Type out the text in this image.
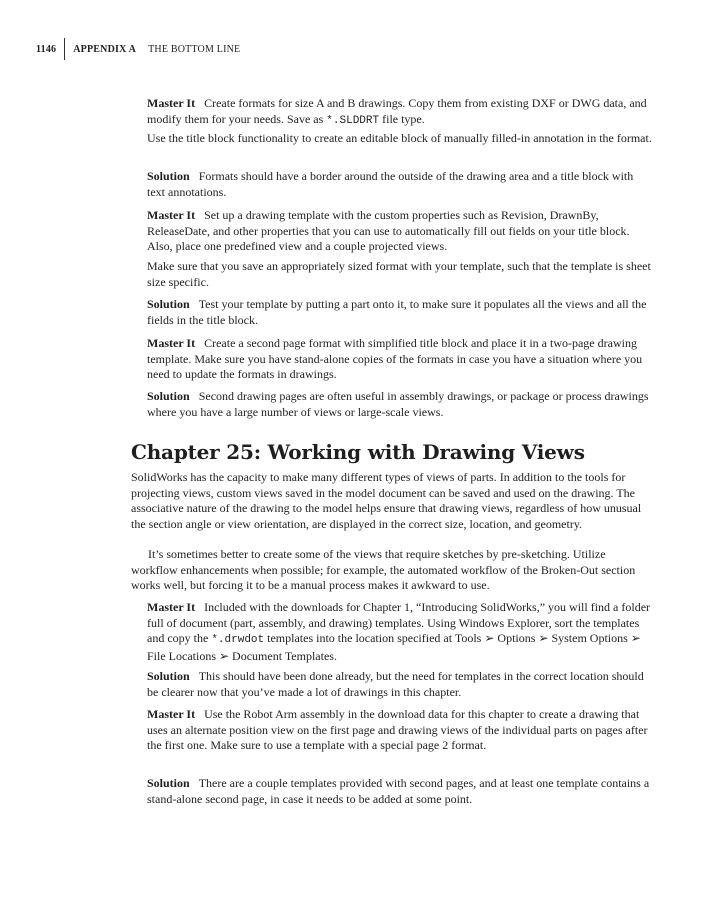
1146 APPENDIX A THE BOTTOM LINE
Master It Create formats for size A and B drawings. Copy them from existing DXF or DWG data, and modify them for your needs. Save as *.SLDDRT file type.
Use the title block functionality to create an editable block of manually filled-in annotation in the format.
Solution Formats should have a border around the outside of the drawing area and a title block with text annotations.
Master It Set up a drawing template with the custom properties such as Revision, DrawnBy, ReleaseDate, and other properties that you can use to automatically fill out fields on your title block. Also, place one predefined view and a couple projected views.
Make sure that you save an appropriately sized format with your template, such that the template is sheet size specific.
Solution Test your template by putting a part onto it, to make sure it populates all the views and all the fields in the title block.
Master It Create a second page format with simplified title block and place it in a two-page drawing template. Make sure you have stand-alone copies of the formats in case you have a situation where you need to update the formats in drawings.
Solution Second drawing pages are often useful in assembly drawings, or package or process drawings where you have a large number of views or large-scale views.
Chapter 25: Working with Drawing Views
SolidWorks has the capacity to make many different types of views of parts. In addition to the tools for projecting views, custom views saved in the model document can be saved and used on the drawing. The associative nature of the drawing to the model helps ensure that drawing views, regardless of how unusual the section angle or view orientation, are displayed in the correct size, location, and geometry.
It’s sometimes better to create some of the views that require sketches by pre-sketching. Utilize workflow enhancements when possible; for example, the automated workflow of the Broken-Out section works well, but forcing it to be a manual process makes it awkward to use.
Master It Included with the downloads for Chapter 1, “Introducing SolidWorks,” you will find a folder full of document (part, assembly, and drawing) templates. Using Windows Explorer, sort the templates and copy the *.drwdot templates into the location specified at Tools ➢ Options ➢ System Options ➢ File Locations ➢ Document Templates.
Solution This should have been done already, but the need for templates in the correct location should be clearer now that you’ve made a lot of drawings in this chapter.
Master It Use the Robot Arm assembly in the download data for this chapter to create a drawing that uses an alternate position view on the first page and drawing views of the individual parts on pages after the first one. Make sure to use a template with a special page 2 format.
Solution There are a couple templates provided with second pages, and at least one template contains a stand-alone second page, in case it needs to be added at some point.
